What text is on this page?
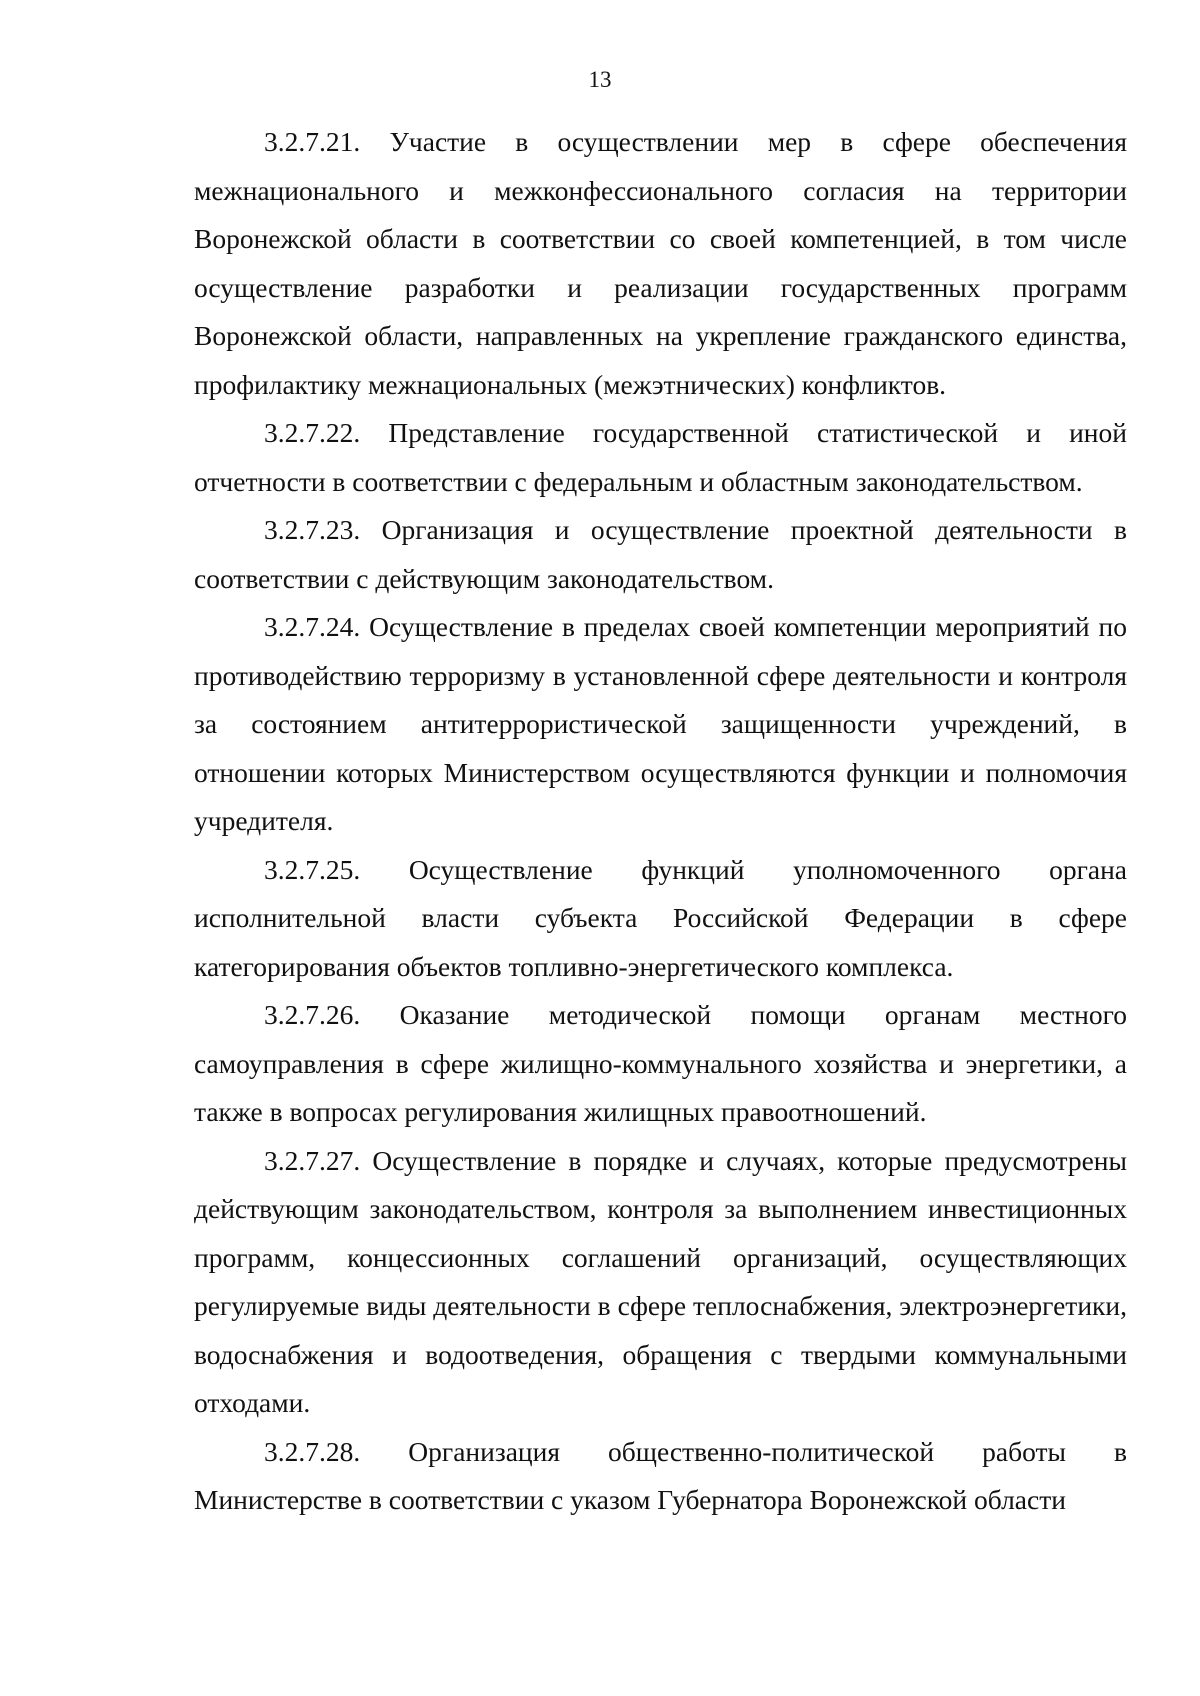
13

3.2.7.21. Участие в осуществлении мер в сфере обеспечения межнационального и межконфессионального согласия на территории Воронежской области в соответствии со своей компетенцией, в том числе осуществление разработки и реализации государственных программ Воронежской области, направленных на укрепление гражданского единства, профилактику межнациональных (межэтнических) конфликтов.

3.2.7.22. Представление государственной статистической и иной отчетности в соответствии с федеральным и областным законодательством.

3.2.7.23. Организация и осуществление проектной деятельности в соответствии с действующим законодательством.

3.2.7.24. Осуществление в пределах своей компетенции мероприятий по противодействию терроризму в установленной сфере деятельности и контроля за состоянием антитеррористической защищенности учреждений, в отношении которых Министерством осуществляются функции и полномочия учредителя.

3.2.7.25. Осуществление функций уполномоченного органа исполнительной власти субъекта Российской Федерации в сфере категорирования объектов топливно-энергетического комплекса.

3.2.7.26. Оказание методической помощи органам местного самоуправления в сфере жилищно-коммунального хозяйства и энергетики, а также в вопросах регулирования жилищных правоотношений.

3.2.7.27. Осуществление в порядке и случаях, которые предусмотрены действующим законодательством, контроля за выполнением инвестиционных программ, концессионных соглашений организаций, осуществляющих регулируемые виды деятельности в сфере теплоснабжения, электроэнергетики, водоснабжения и водоотведения, обращения с твердыми коммунальными отходами.

3.2.7.28. Организация общественно-политической работы в Министерстве в соответствии с указом Губернатора Воронежской области
